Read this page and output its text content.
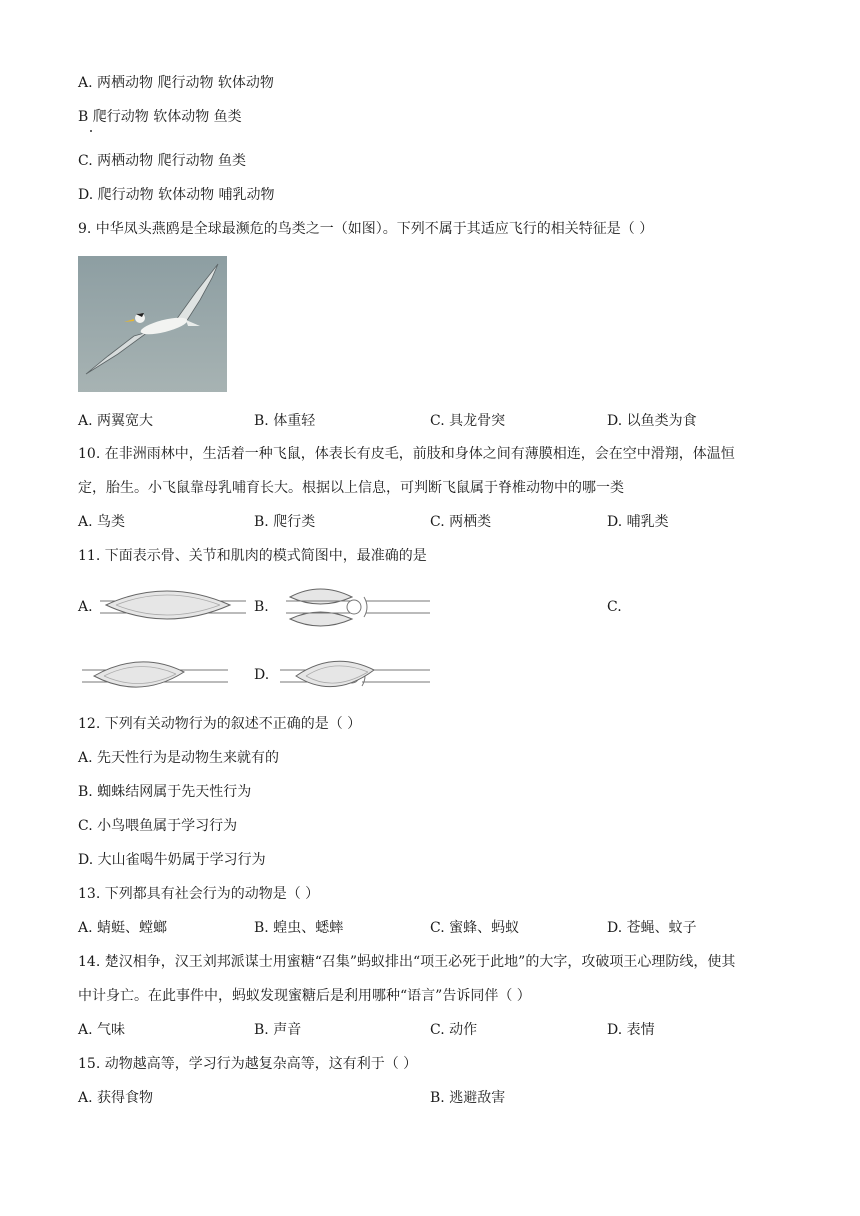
A. 两栖动物 爬行动物 软体动物
B 爬行动物 软体动物 鱼类
C. 两栖动物 爬行动物 鱼类
D. 爬行动物 软体动物 哺乳动物
9. 中华凤头燕鸥是全球最濒危的鸟类之一（如图）。下列不属于其适应飞行的相关特征是（ ）
A. 两翼宽大	B. 体重轻	C. 具龙骨突	D. 以鱼类为食
10. 在非洲雨林中，生活着一种飞鼠，体表长有皮毛，前肢和身体之间有薄膜相连，会在空中滑翔，体温恒
定，胎生。小飞鼠靠母乳哺育长大。根据以上信息，可判断飞鼠属于脊椎动物中的哪一类
A. 鸟类	B. 爬行类	C. 两栖类	D. 哺乳类
11. 下面表示骨、关节和肌肉的模式简图中，最准确的是
A.	B.	C.
D.
12. 下列有关动物行为的叙述不正确的是（ ）
A. 先天性行为是动物生来就有的
B. 蜘蛛结网属于先天性行为
C. 小鸟喂鱼属于学习行为
D. 大山雀喝牛奶属于学习行为
13. 下列都具有社会行为的动物是（ ）
A. 蜻蜓、螳螂	B. 蝗虫、蟋蟀	C. 蜜蜂、蚂蚁	D. 苍蝇、蚊子
14. 楚汉相争，汉王刘邦派谋士用蜜糖“召集”蚂蚁排出“项王必死于此地”的大字，攻破项王心理防线，使其
中计身亡。在此事件中，蚂蚁发现蜜糖后是利用哪种“语言”告诉同伴（ ）
A. 气味	B. 声音	C. 动作	D. 表情
15. 动物越高等，学习行为越复杂高等，这有利于（ ）
A. 获得食物	B. 逃避敌害
